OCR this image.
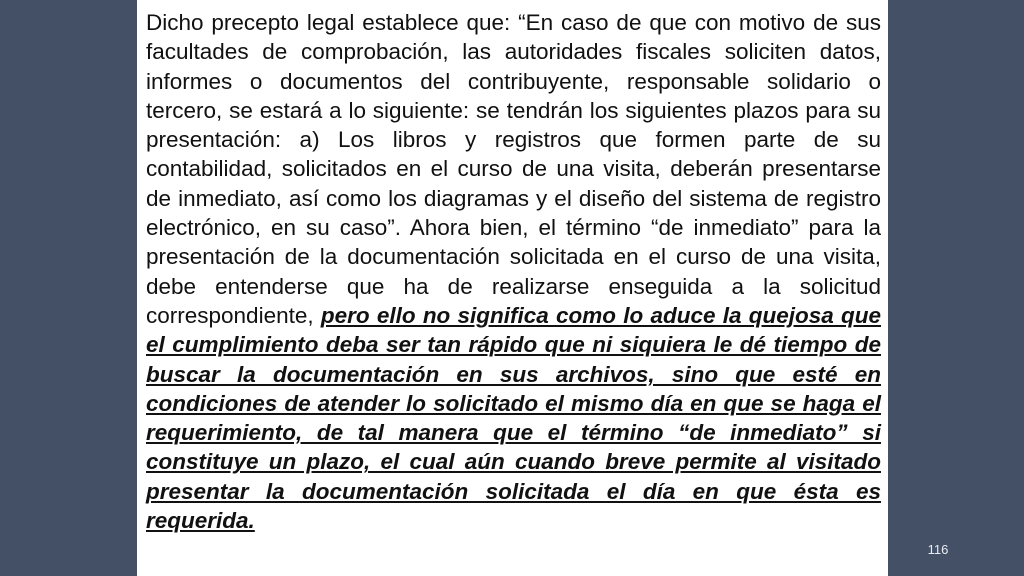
Dicho precepto legal establece que: “En caso de que con motivo de sus facultades de comprobación, las autoridades fiscales soliciten datos, informes o documentos del contribuyente, responsable solidario o tercero, se estará a lo siguiente: se tendrán los siguientes plazos para su presentación: a) Los libros y registros que formen parte de su contabilidad, solicitados en el curso de una visita, deberán presentarse de inmediato, así como los diagramas y el diseño del sistema de registro electrónico, en su caso”. Ahora bien, el término “de inmediato” para la presentación de la documentación solicitada en el curso de una visita, debe entenderse que ha de realizarse enseguida a la solicitud correspondiente, pero ello no significa como lo aduce la quejosa que el cumplimiento deba ser tan rápido que ni siquiera le dé tiempo de buscar la documentación en sus archivos, sino que esté en condiciones de atender lo solicitado el mismo día en que se haga el requerimiento, de tal manera que el término “de inmediato” si constituye un plazo, el cual aún cuando breve permite al visitado presentar la documentación solicitada el día en que ésta es requerida.

116
